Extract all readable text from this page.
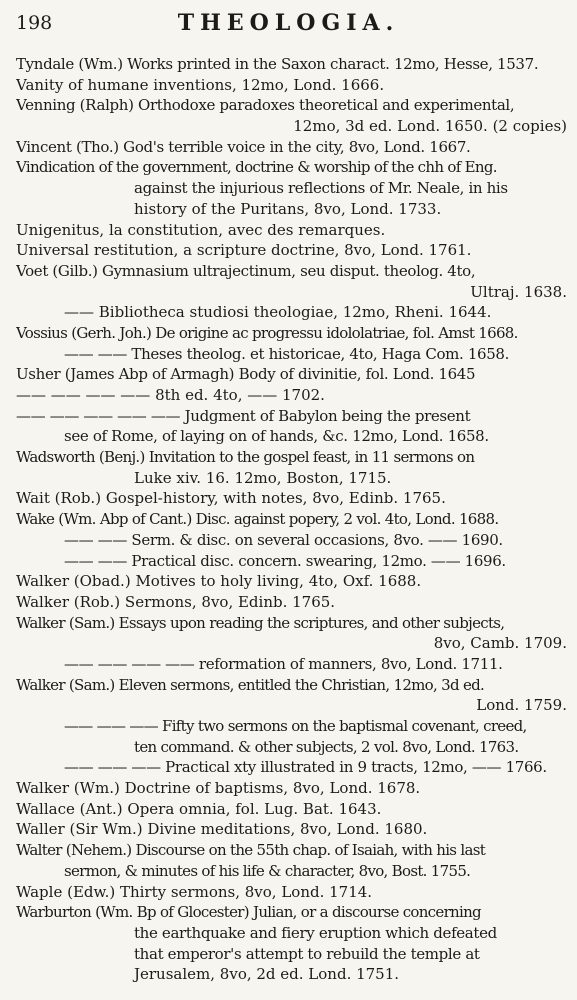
198	THEOLOGIA.
Tyndale (Wm.) Works printed in the Saxon charact. 12mo, Hesse, 1537.
Vanity of humane inventions, 12mo, Lond. 1666.
Venning (Ralph) Orthodoxe paradoxes theoretical and experimental,
12mo, 3d ed. Lond. 1650. (2 copies)
Vincent (Tho.) God's terrible voice in the city, 8vo, Lond. 1667.
Vindication of the government, doctrine & worship of the chh of Eng.
against the injurious reflections of Mr. Neale, in his
history of the Puritans, 8vo, Lond. 1733.
Unigenitus, la constitution, avec des remarques.
Universal restitution, a scripture doctrine, 8vo, Lond. 1761.
Voet (Gilb.) Gymnasium ultrajectinum, seu disput. theolog. 4to,
Ultraj. 1638.
—— Bibliotheca studiosi theologiae, 12mo, Rheni. 1644.
Vossius (Gerh. Joh.) De origine ac progressu idololatriae, fol. Amst 1668.
—— —— Theses theolog. et historicae, 4to, Haga Com. 1658.
Usher (James Abp of Armagh) Body of divinitie, fol. Lond. 1645
—— —— —— —— 8th ed. 4to, —— 1702.
—— —— —— —— —— Judgment of Babylon being the present
see of Rome, of laying on of hands, &c. 12mo, Lond. 1658.
Wadsworth (Benj.) Invitation to the gospel feast, in 11 sermons on
Luke xiv. 16. 12mo, Boston, 1715.
Wait (Rob.) Gospel-history, with notes, 8vo, Edinb. 1765.
Wake (Wm. Abp of Cant.) Disc. against popery, 2 vol. 4to, Lond. 1688.
—— —— Serm. & disc. on several occasions, 8vo. —— 1690.
—— —— Practical disc. concern. swearing, 12mo. —— 1696.
Walker (Obad.) Motives to holy living, 4to, Oxf. 1688.
Walker (Rob.) Sermons, 8vo, Edinb. 1765.
Walker (Sam.) Essays upon reading the scriptures, and other subjects,
8vo, Camb. 1709.
—— —— —— —— reformation of manners, 8vo, Lond. 1711.
Walker (Sam.) Eleven sermons, entitled the Christian, 12mo, 3d ed.
Lond. 1759.
—— —— —— Fifty two sermons on the baptismal covenant, creed,
ten command. & other subjects, 2 vol. 8vo, Lond. 1763.
—— —— —— Practical xty illustrated in 9 tracts, 12mo, —— 1766.
Walker (Wm.) Doctrine of baptisms, 8vo, Lond. 1678.
Wallace (Ant.) Opera omnia, fol. Lug. Bat. 1643.
Waller (Sir Wm.) Divine meditations, 8vo, Lond. 1680.
Walter (Nehem.) Discourse on the 55th chap. of Isaiah, with his last
sermon, & minutes of his life & character, 8vo, Bost. 1755.
Waple (Edw.) Thirty sermons, 8vo, Lond. 1714.
Warburton (Wm. Bp of Glocester) Julian, or a discourse concerning
the earthquake and fiery eruption which defeated
that emperor's attempt to rebuild the temple at
Jerusalem, 8vo, 2d ed. Lond. 1751.
